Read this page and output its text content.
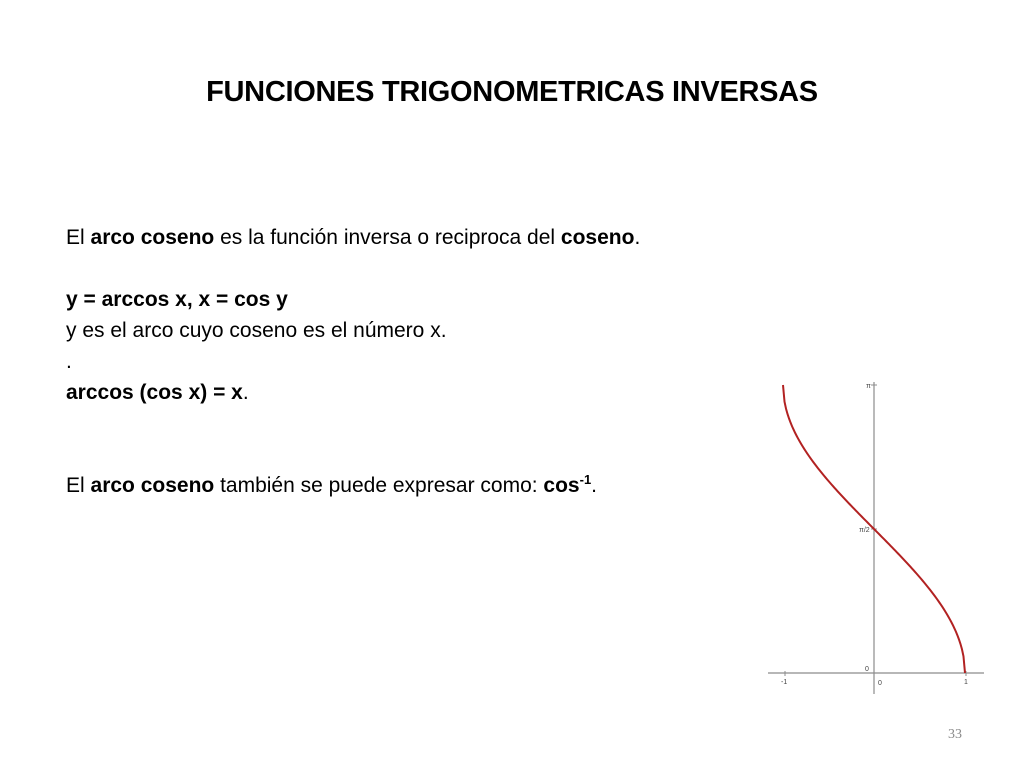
FUNCIONES TRIGONOMETRICAS INVERSAS

El arco coseno es la función inversa o reciproca del coseno.

y = arccos x, x = cos y

y es el arco cuyo coseno es el número x.

.

arccos (cos x) = x.

El arco coseno también se puede expresar como: $\cos^{-1}$.

-1	0	1
0
π/2
π
33
